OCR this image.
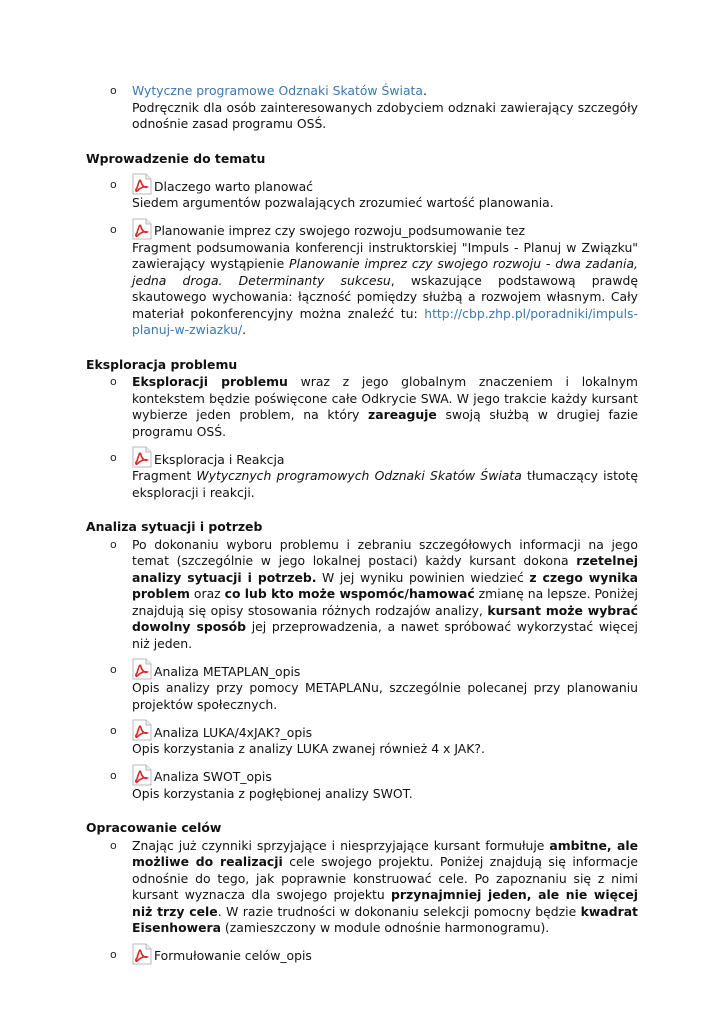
o Wytyczne programowe Odznaki Skatów Świata.
Podręcznik dla osób zainteresowanych zdobyciem odznaki zawierający szczegóły odnośnie zasad programu OSŚ.
Wprowadzenie do tematu
o	Dlaczego warto planować
Siedem argumentów pozwalających zrozumieć wartość planowania.
o	Planowanie imprez czy swojego rozwoju_podsumowanie tez
Fragment podsumowania konferencji instruktorskiej "Impuls - Planuj w Związku" zawierający wystąpienie Planowanie imprez czy swojego rozwoju - dwa zadania, jedna droga. Determinanty sukcesu, wskazujące podstawową prawdę skautowego wychowania: łączność pomiędzy służbą a rozwojem własnym. Cały materiał pokonferencyjny można znaleźć tu: http://cbp.zhp.pl/poradniki/impuls-planuj-w-zwiazku/.
Eksploracja problemu
o Eksploracji problemu wraz z jego globalnym znaczeniem i lokalnym kontekstem będzie poświęcone całe Odkrycie SWA. W jego trakcie każdy kursant wybierze jeden problem, na który zareaguje swoją służbą w drugiej fazie programu OSŚ.
o	Eksploracja i Reakcja
Fragment Wytycznych programowych Odznaki Skatów Świata tłumaczący istotę eksploracji i reakcji.
Analiza sytuacji i potrzeb
o Po dokonaniu wyboru problemu i zebraniu szczegółowych informacji na jego temat (szczególnie w jego lokalnej postaci) każdy kursant dokona rzetelnej analizy sytuacji i potrzeb. W jej wyniku powinien wiedzieć z czego wynika problem oraz co lub kto może wspomóc/hamować zmianę na lepsze. Poniżej znajdują się opisy stosowania różnych rodzajów analizy, kursant może wybrać dowolny sposób jej przeprowadzenia, a nawet spróbować wykorzystać więcej niż jeden.
o	Analiza METAPLAN_opis
Opis analizy przy pomocy METAPLANu, szczególnie polecanej przy planowaniu projektów społecznych.
o	Analiza LUKA/4xJAK?_opis
Opis korzystania z analizy LUKA zwanej również 4 x JAK?.
o	Analiza SWOT_opis
Opis korzystania z pogłębionej analizy SWOT.
Opracowanie celów
o Znając już czynniki sprzyjające i niesprzyjające kursant formułuje ambitne, ale możliwe do realizacji cele swojego projektu. Poniżej znajdują się informacje odnośnie do tego, jak poprawnie konstruować cele. Po zapoznaniu się z nimi kursant wyznacza dla swojego projektu przynajmniej jeden, ale nie więcej niż trzy cele. W razie trudności w dokonaniu selekcji pomocny będzie kwadrat Eisenhowera (zamieszczony w module odnośnie harmonogramu).
o	Formułowanie celów_opis
